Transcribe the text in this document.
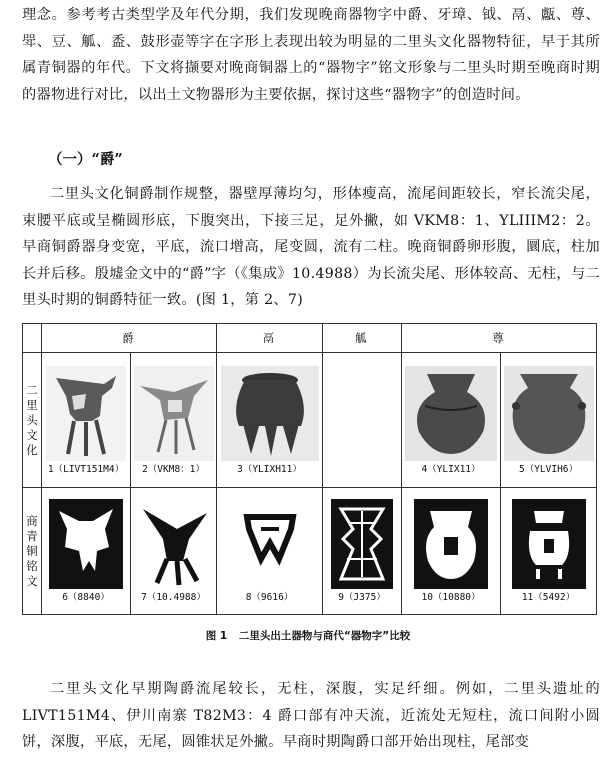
理念。参考考古类型学及年代分期，我们发现晚商器物字中爵、牙璋、钺、鬲、甗、尊、斝、豆、觚、盉、鼓形壶等字在字形上表现出较为明显的二里头文化器物特征，早于其所属青铜器的年代。下文将撷要对晚商铜器上的“器物字”铭文形象与二里头时期至晚商时期的器物进行对比，以出土文物器形为主要依据，探讨这些“器物字”的创造时间。

（一）“爵”

二里头文化铜爵制作规整，器壁厚薄均匀，形体瘦高，流尾间距较长，窄长流尖尾，束腰平底或呈椭圆形底，下腹突出，下接三足，足外撇，如 VKM8：1、YLIIIM2：2。早商铜爵器身变宽，平底，流口增高，尾变圆，流有二柱。晚商铜爵卵形腹，圜底，柱加长并后移。殷墟金文中的“爵”字（《集成》10.4988）为长流尖尾、形体较高、无柱，与二里头时期的铜爵特征一致。(图 1，第 2、7)

	爵		鬲	觚	尊	
二里头文化	1（LIVT151M4）	2（VKM8：1）	3（YLIXH11）		4（YLIX11）	5（YLVIH6）

商青铜铭文	6（8840）	7（10.4988）	8（9616）	9（J375）	10（10880）	11（5492）
图 1 二里头出土器物与商代“器物字”比较

二里头文化早期陶爵流尾较长，无柱，深腹，实足纤细。例如，二里头遗址的 LIVT151M4、伊川南寨 T82M3：4 爵口部有冲天流，近流处无短柱，流口间附小圆饼，深腹，平底，无尾，圆锥状足外撇。早商时期陶爵口部开始出现柱，尾部变
